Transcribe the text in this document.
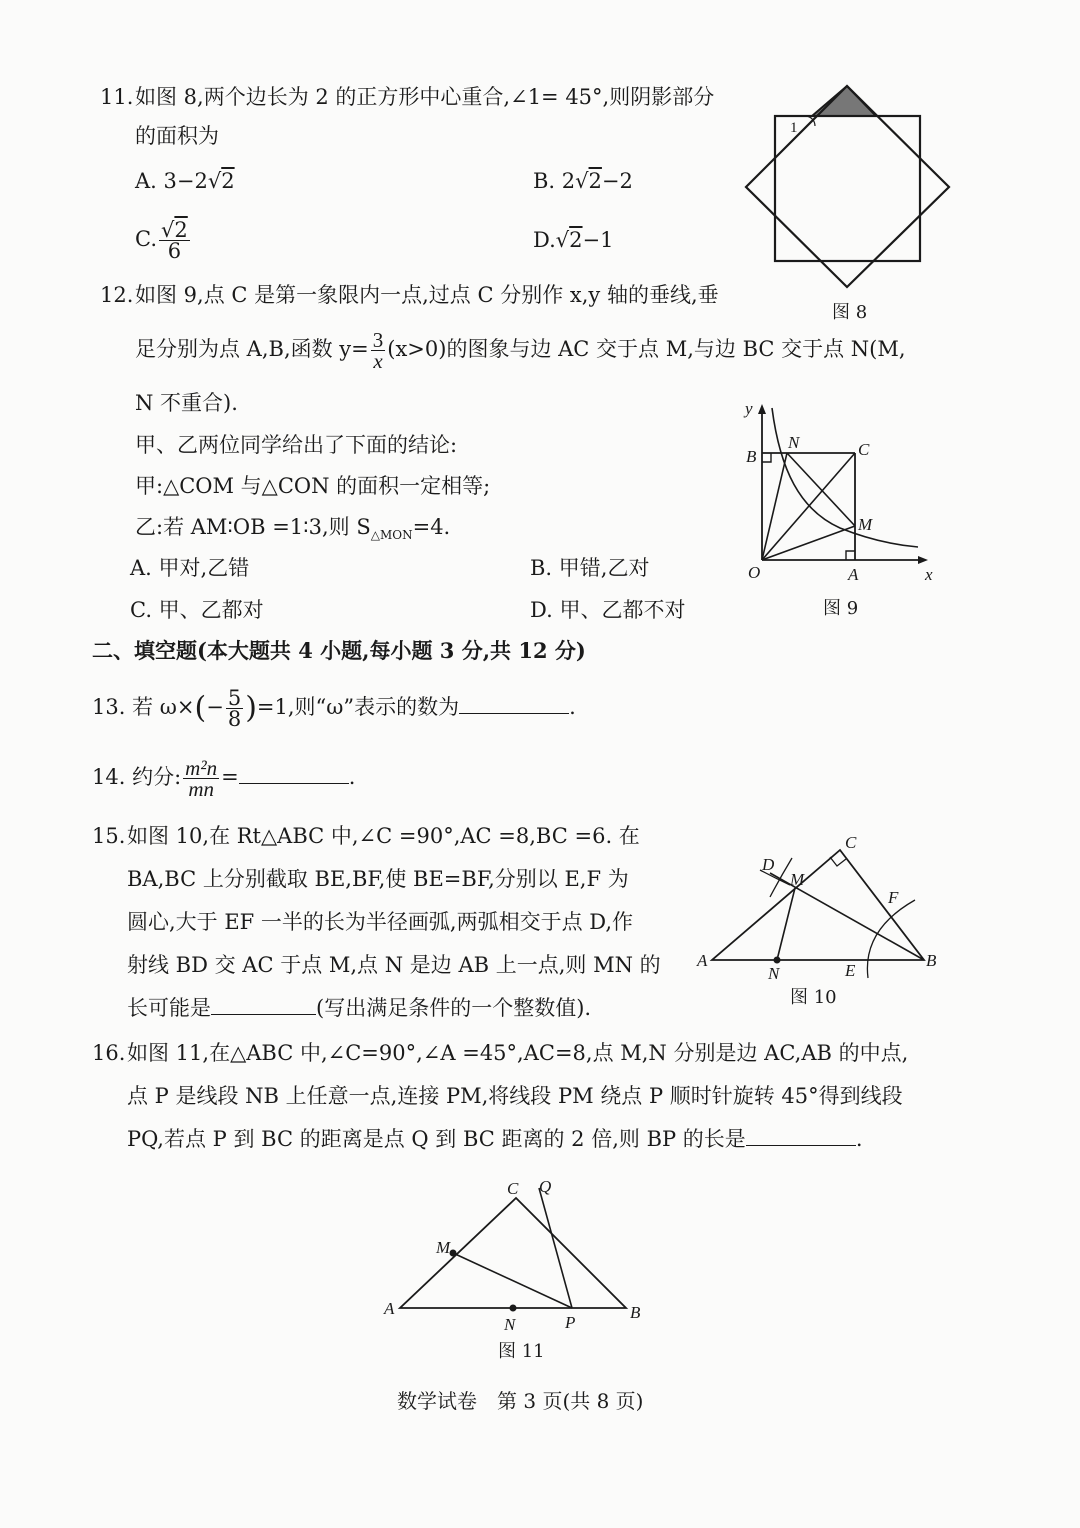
11. 如图 8,两个边长为 2 的正方形中心重合,∠1= 45°,则阴影部分
的面积为
A. 3−2√2	B. 2√2−2
C. $\frac{√2}{6}$	D.√2−1
1
图 8
12. 如图 9,点 C 是第一象限内一点,过点 C 分别作 x,y 轴的垂线,垂
足分别为点 A,B,函数 $y= \frac{3}{x} (x>0)$的图象与边 AC 交于点 M,与边 BC 交于点 N(M,
N 不重合).
甲、乙两位同学给出了下面的结论:
甲:△COM 与△CON 的面积一定相等;
乙:若 AM∶OB =1∶3,则 $S_{\triangle MON}=4$.
A. 甲对,乙错	B. 甲错,乙对
C. 甲、乙都对	D. 甲、乙都不对
y
B
N	C
M
O	A	x
图 9
二、填空题(本大题共 4 小题,每小题 3 分,共 12 分)
13. 若 $\omega\times(- \frac{5}{8} )=1$,则“ω”表示的数为	.
14. 约分: $\frac{\text{m²n}}{mn}$ =	.
15. 如图 10,在 Rt△ABC 中,∠C =90°,AC =8,BC =6. 在
BA,BC 上分别截取 BE,BF,使 BE=BF,分别以 E,F 为
圆心,大于 EF 一半的长为半径画弧,两弧相交于点 D,作
射线 BD 交 AC 于点 M,点 N 是边 AB 上一点,则 MN 的
长可能是	(写出满足条件的一个整数值).
C
D
M
F
A
N	E
B
图 10
16. 如图 11,在△ABC 中,∠C=90°,∠A =45°,AC=8,点 M,N 分别是边 AC,AB 的中点,
点 P 是线段 NB 上任意一点,连接 PM,将线段 PM 绕点 P 顺时针旋转 45°得到线段
PQ,若点 P 到 BC 的距离是点 Q 到 BC 距离的 2 倍,则 BP 的长是	.
C Q
M
A
N	P
B
图 11
数学试卷　第 3 页(共 8 页)
